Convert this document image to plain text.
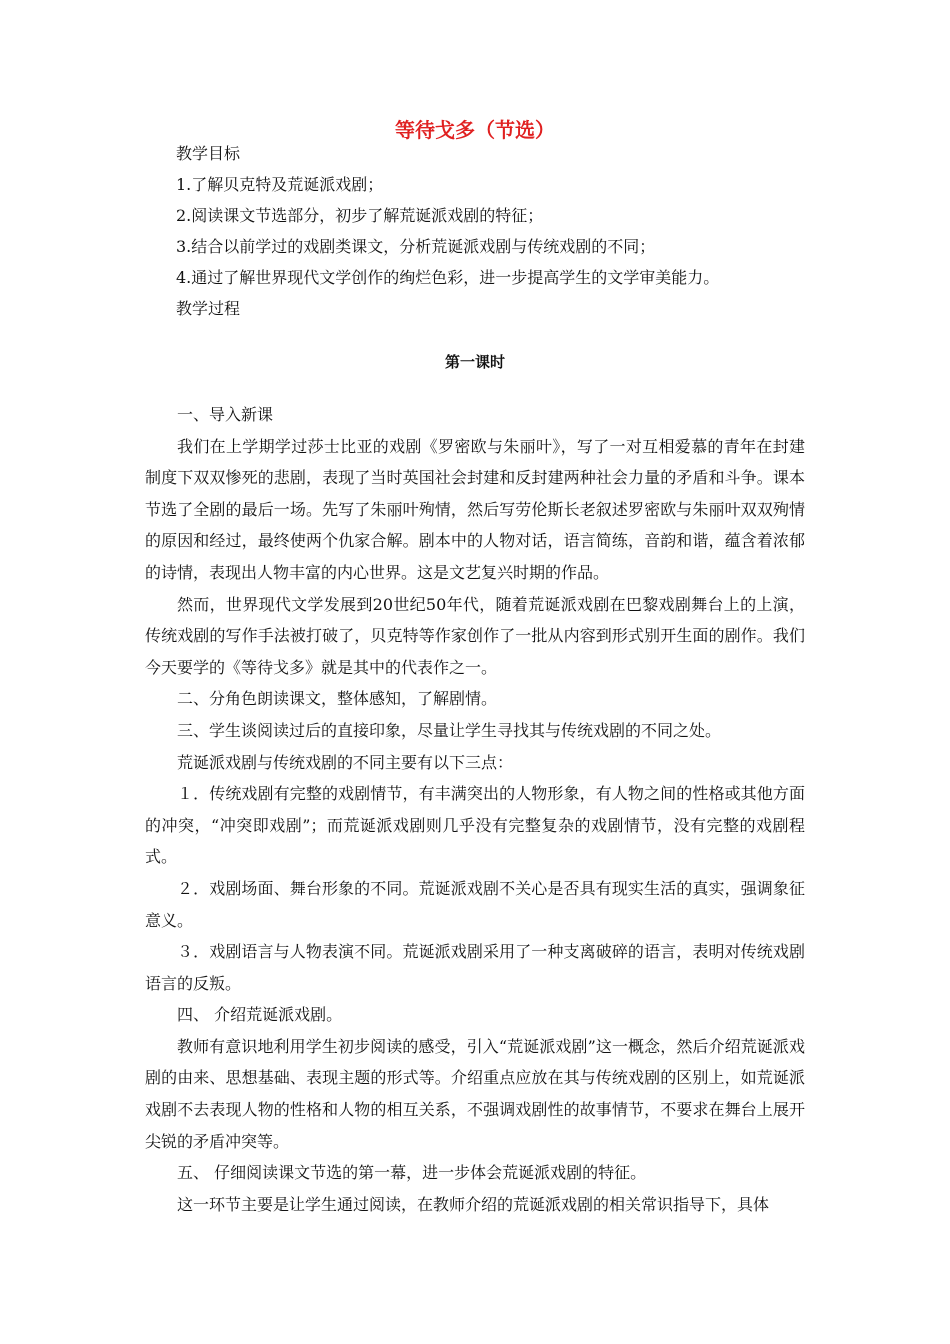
等待戈多（节选）
教学目标
1.了解贝克特及荒诞派戏剧；
2.阅读课文节选部分，初步了解荒诞派戏剧的特征；
3.结合以前学过的戏剧类课文，分析荒诞派戏剧与传统戏剧的不同；
4.通过了解世界现代文学创作的绚烂色彩，进一步提高学生的文学审美能力。
教学过程
第一课时

一、导入新课

我们在上学期学过莎士比亚的戏剧《罗密欧与朱丽叶》，写了一对互相爱慕的青年在封建制度下双双惨死的悲剧，表现了当时英国社会封建和反封建两种社会力量的矛盾和斗争。课本节选了全剧的最后一场。先写了朱丽叶殉情，然后写劳伦斯长老叙述罗密欧与朱丽叶双双殉情的原因和经过，最终使两个仇家合解。剧本中的人物对话，语言简练，音韵和谐，蕴含着浓郁的诗情，表现出人物丰富的内心世界。这是文艺复兴时期的作品。

然而，世界现代文学发展到20世纪50年代，随着荒诞派戏剧在巴黎戏剧舞台上的上演，传统戏剧的写作手法被打破了，贝克特等作家创作了一批从内容到形式别开生面的剧作。我们今天要学的《等待戈多》就是其中的代表作之一。

二、分角色朗读课文，整体感知，了解剧情。

三、学生谈阅读过后的直接印象，尽量让学生寻找其与传统戏剧的不同之处。

荒诞派戏剧与传统戏剧的不同主要有以下三点：

１．传统戏剧有完整的戏剧情节，有丰满突出的人物形象，有人物之间的性格或其他方面的冲突，“冲突即戏剧”；而荒诞派戏剧则几乎没有完整复杂的戏剧情节，没有完整的戏剧程式。

２．戏剧场面、舞台形象的不同。荒诞派戏剧不关心是否具有现实生活的真实，强调象征意义。

３．戏剧语言与人物表演不同。荒诞派戏剧采用了一种支离破碎的语言，表明对传统戏剧语言的反叛。

四、 介绍荒诞派戏剧。

教师有意识地利用学生初步阅读的感受，引入“荒诞派戏剧”这一概念，然后介绍荒诞派戏剧的由来、思想基础、表现主题的形式等。介绍重点应放在其与传统戏剧的区别上，如荒诞派戏剧不去表现人物的性格和人物的相互关系，不强调戏剧性的故事情节，不要求在舞台上展开尖锐的矛盾冲突等。

五、 仔细阅读课文节选的第一幕，进一步体会荒诞派戏剧的特征。

这一环节主要是让学生通过阅读，在教师介绍的荒诞派戏剧的相关常识指导下，具体
